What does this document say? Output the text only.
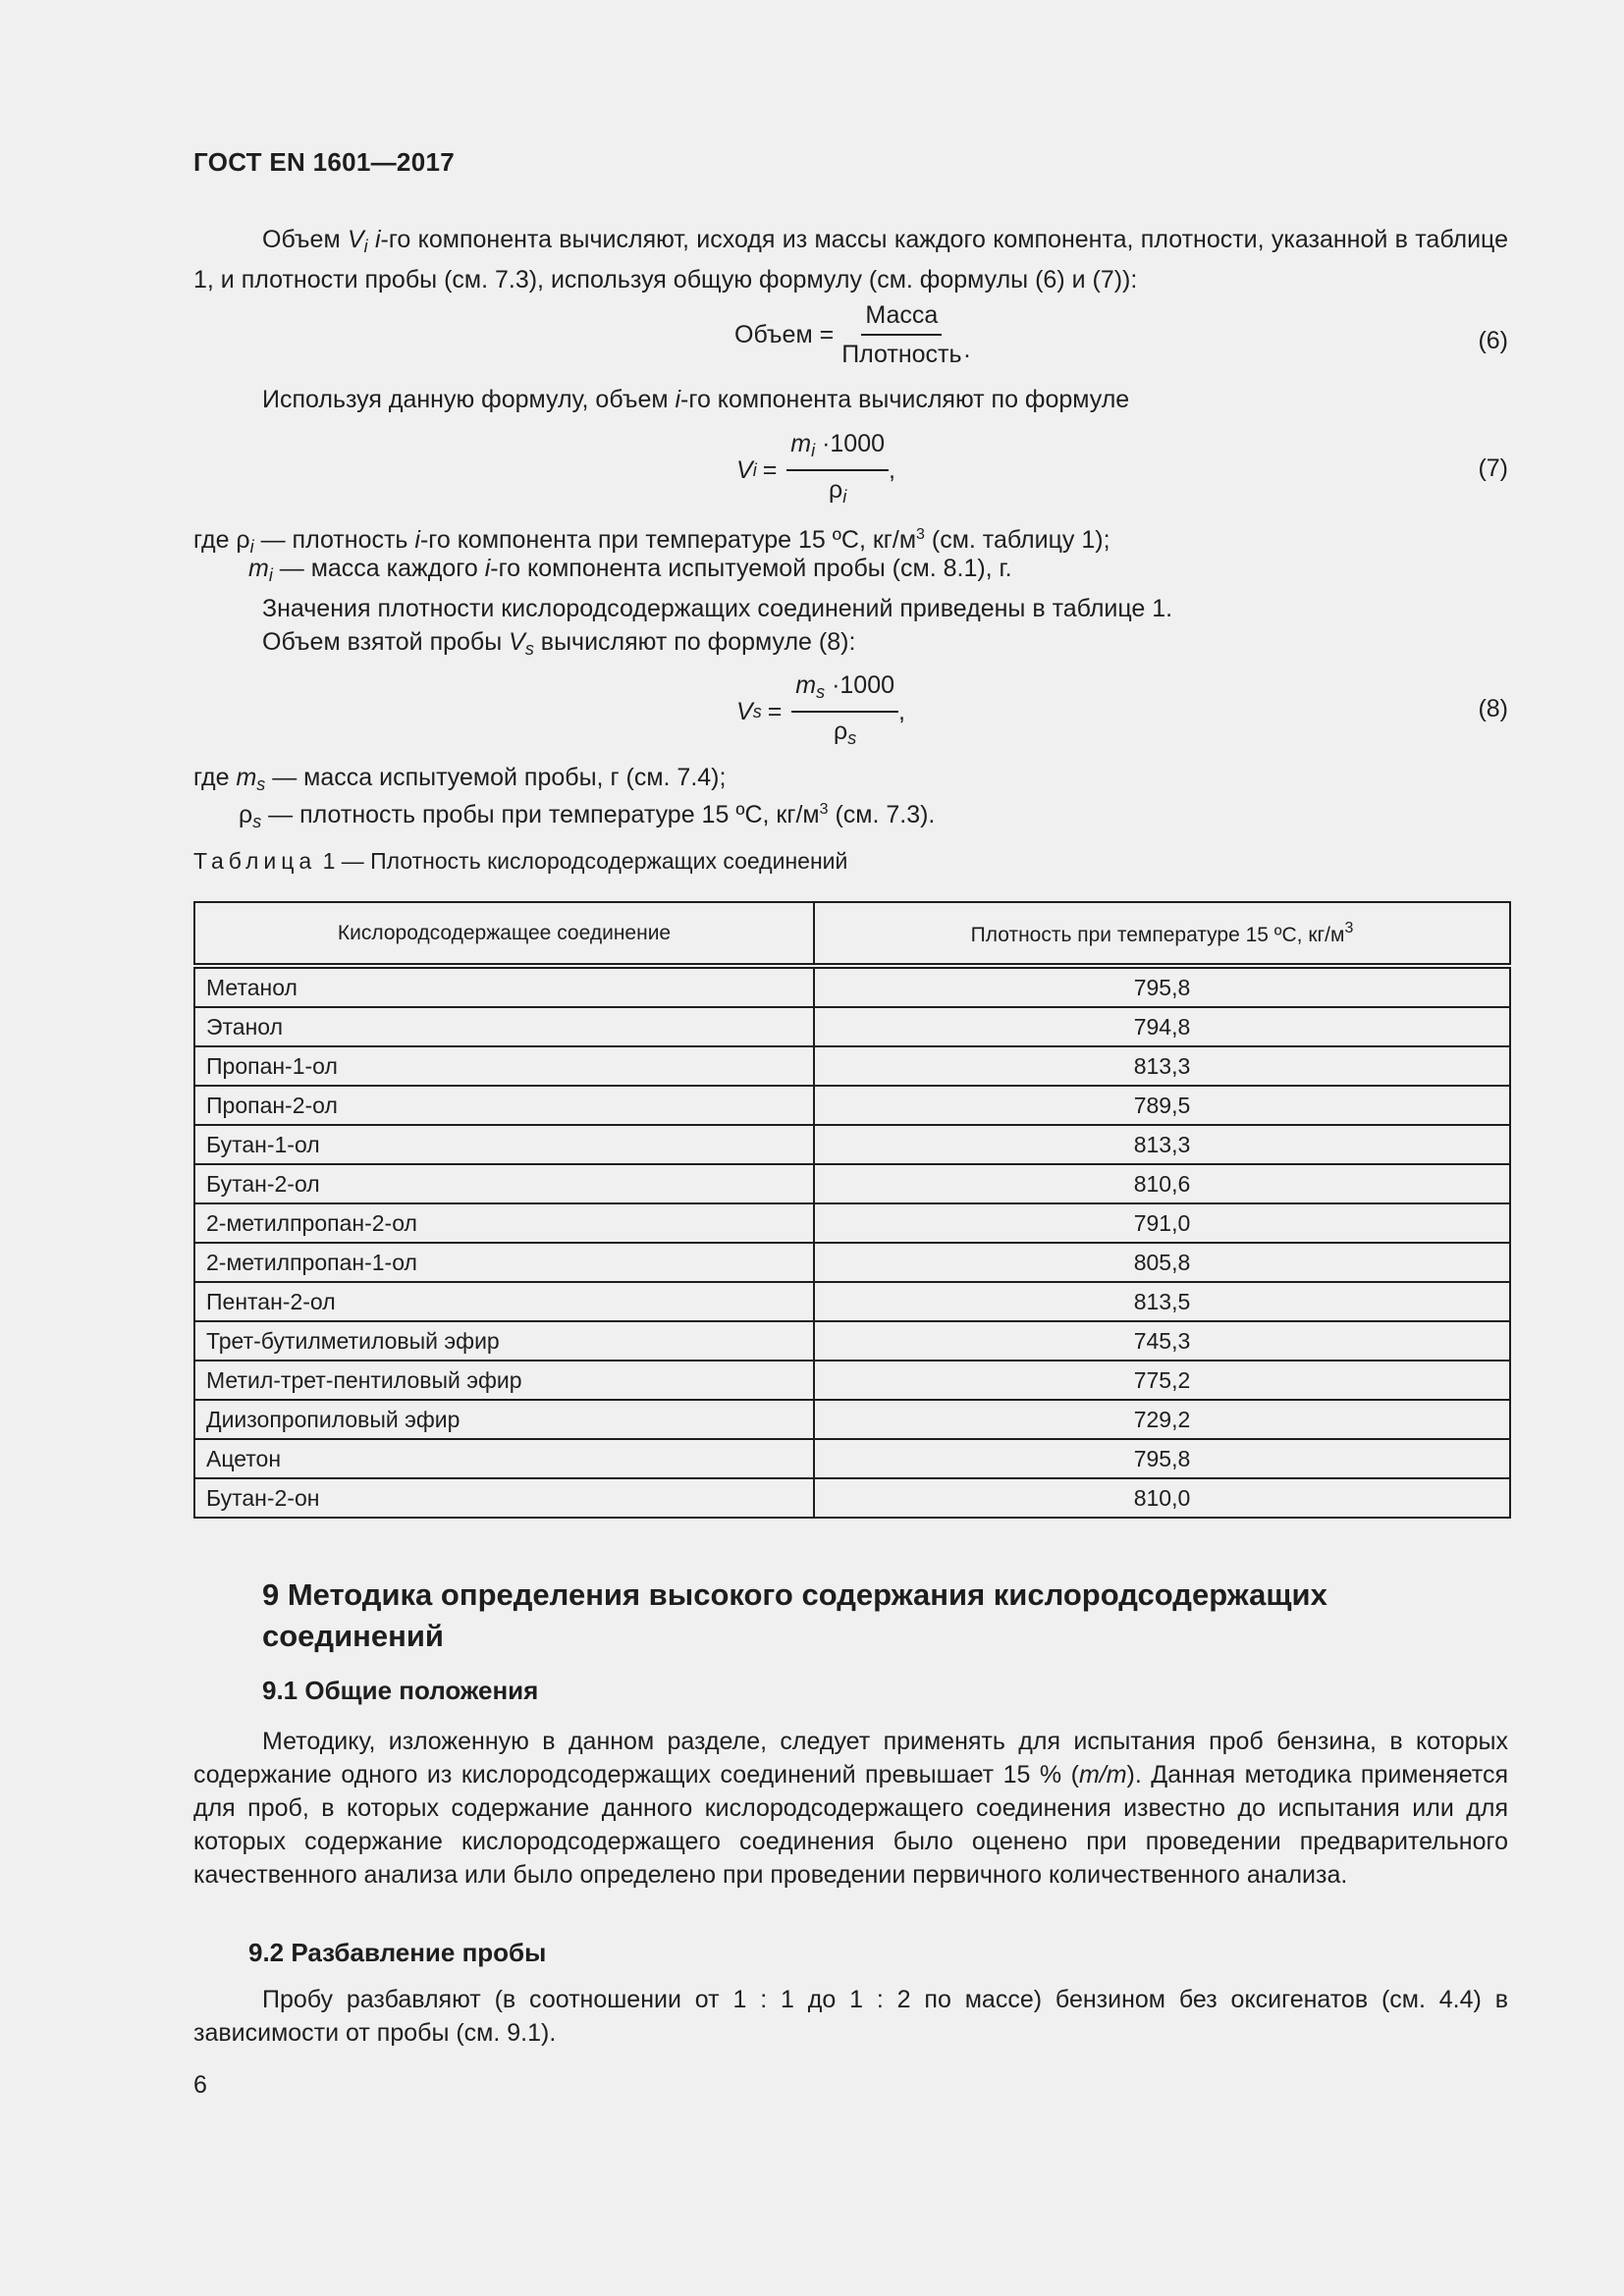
ГОСТ EN 1601—2017
Объем $V_i$ i-го компонента вычисляют, исходя из массы каждого компонента, плотности, указанной в таблице 1, и плотности пробы (см. 7.3), используя общую формулу (см. формулы (6) и (7)):
Объем = $\frac{\text{Масса}}{\text{Плотность}}$
.	(6)
Используя данную формулу, объем i-го компонента вычисляют по формуле
V $i = \frac{m_i \cdot 1000}{\rho_i}$ ,	(7)
где $\rho_i$ — плотность i-го компонента при температуре 15 ºС, $кг/м^3$ (см. таблицу 1);
$m_i$ — масса каждого i-го компонента испытуемой пробы (см. 8.1), г.
Значения плотности кислородсодержащих соединений приведены в таблице 1.
Объем взятой пробы $V_s$ вычисляют по формуле (8):
V $s = \frac{m_s \cdot 1000}{\rho_s}$ ,	(8)
где $m_s$ — масса испытуемой пробы, г (см. 7.4);
$\rho_s$ — плотность пробы при температуре 15 ºС, $кг/м^3$ (см. 7.3).
Таблица 1 — Плотность кислородсодержащих соединений
Кислородсодержащее соединение	Плотность при температуре 15 ºС, $кг/м^3$
Метанол	795,8
Этанол	794,8
Пропан-1-ол	813,3
Пропан-2-ол	789,5
Бутан-1-ол	813,3
Бутан-2-ол	810,6
2-метилпропан-2-ол	791,0
2-метилпропан-1-ол	805,8
Пентан-2-ол	813,5
Трет-бутилметиловый эфир	745,3
Метил-трет-пентиловый эфир	775,2
Диизопропиловый эфир	729,2
Ацетон	795,8
Бутан-2-он	810,0
9 Методика определения высокого содержания кислородсодержащих соединений
9.1 Общие положения
Методику, изложенную в данном разделе, следует применять для испытания проб бензина, в которых содержание одного из кислородсодержащих соединений превышает 15 % (m/m). Данная методика применяется для проб, в которых содержание данного кислородсодержащего соединения известно до испытания или для которых содержание кислородсодержащего соединения было оценено при проведении предварительного качественного анализа или было определено при проведении первичного количественного анализа.
9.2 Разбавление пробы
Пробу разбавляют (в соотношении от 1 : 1 до 1 : 2 по массе) бензином без оксигенатов (см. 4.4) в зависимости от пробы (см. 9.1).
6
